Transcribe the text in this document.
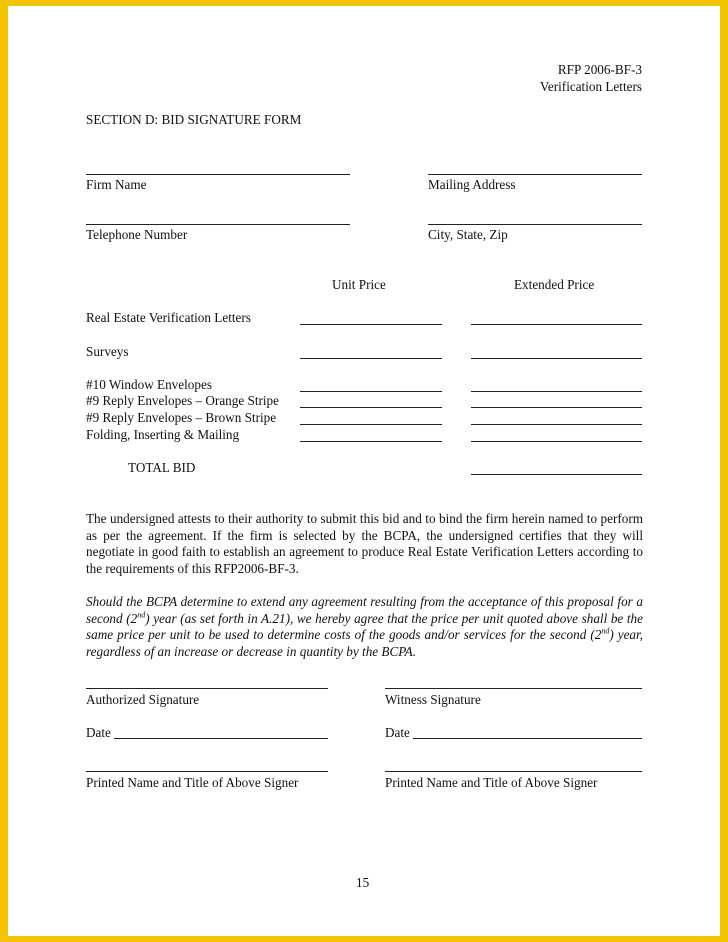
RFP 2006-BF-3
Verification Letters
SECTION D: BID SIGNATURE FORM
Firm Name	Mailing Address
Telephone Number	City, State, Zip
Unit Price	Extended Price
Real Estate Verification Letters
Surveys
#10 Window Envelopes
#9 Reply Envelopes – Orange Stripe
#9 Reply Envelopes – Brown Stripe
Folding, Inserting & Mailing
TOTAL BID
The undersigned attests to their authority to submit this bid and to bind the firm herein named to perform as per the agreement. If the firm is selected by the BCPA, the undersigned certifies that they will negotiate in good faith to establish an agreement to produce Real Estate Verification Letters according to the requirements of this RFP2006-BF-3.
Should the BCPA determine to extend any agreement resulting from the acceptance of this proposal for a second (2nd) year (as set forth in A.21), we hereby agree that the price per unit quoted above shall be the same price per unit to be used to determine costs of the goods and/or services for the second (2nd) year, regardless of an increase or decrease in quantity by the BCPA.
Authorized Signature	Witness Signature
Date	Date
Printed Name and Title of Above Signer	Printed Name and Title of Above Signer
15
